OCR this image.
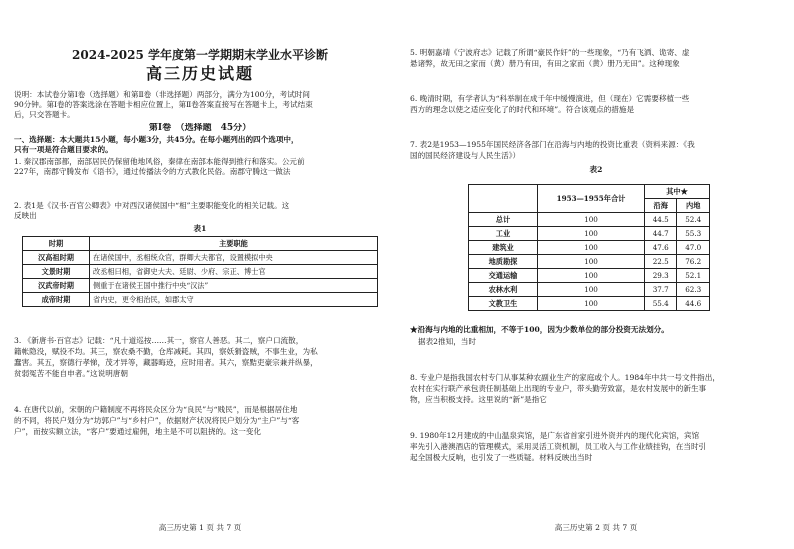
2024-2025 学年度第一学期期末学业水平诊断
高三历史试题
说明：本试卷分第Ⅰ卷（选择题）和第Ⅱ卷（非选择题）两部分，满分为100分，考试时间
90分钟。第Ⅰ卷的答案选涂在答题卡相应位置上，第Ⅱ卷答案直接写在答题卡上，考试结束
后，只交答题卡。
第Ⅰ卷　（选择题　45分）
一、选择题：本大题共15小题，每小题3分，共45分。在每小题列出的四个选项中，
只有一项是符合题目要求的。
1. 秦汉郡南部都，南部居民仍保留他地风俗，秦律在南部本能得到推行和落实。公元前
227年，南郡守腾发布《语书》，通过传播法令的方式教化民俗。南郡守腾这一做法
2. 表1是《汉书·百官公卿表》中对西汉诸侯国中“相”主要职能变化的相关记载。这
反映出
表1
时期	主要职能
汉高祖时期	在诸侯国中，丞相统众官，群卿大夫都官，设置模拟中央
文景时期	改丞相曰相，省御史大夫、廷尉、少府、宗正、博士官
汉武帝时期	侧重于在诸侯王国中推行中央“汉法”
成帝时期	省内史，更令相治民，如郡太守
3. 《新唐书·百官志》记载：“凡十道巡按……其一，察官人善恶。其二，察户口流散，
籍帐隐没，赋役不均。其三，察农桑不勤，仓库减耗。其四，察妖猾盗贼，不事生业，为私
蠢害。其五，察德行孝悌，茂才异等，藏器晦迹，应时用者。其六，察黠吏豪宗兼并纵暴，
贫弱冤苦不能自申者。”这说明唐朝
4. 在唐代以前，宋朝的户籍制度不再将民众区分为“良民”与“贱民”，而是根据居住地
的不同，将民户划分为“坊郭户”与“乡村户”，依据财产状况将民户划分为“主户”与“客
户”，而按实额立法，“客户”要通过雇佣，地主是不可以阻挠的。这一变化
高三历史第 1 页 共 7 页
5. 明朝嘉靖《宁波府志》记载了所谓“豪民作奸”的一些现象，“乃有飞洒、诡寄、虚
悬诸弊，故无田之家而（黄）册乃有田，有田之家而（黄）册乃无田”。这种现象
6. 晚清时期，有学者认为“科举制在成千年中缓慢演进，但（现在）它需要移植一些
西方的理念以使之适应变化了的时代和环境”。符合该观点的措施是
7. 表2是1953—1955年国民经济各部门在沿海与内地的投资比重表（资料来源：《我
国的国民经济建设与人民生活》）
表2
	1953—1955年合计	其中★	
		沿海	内地
总计	100	44.5	52.4
工业	100	44.7	55.3
建筑业	100	47.6	47.0
地质勘探	100	22.5	76.2
交通运输	100	29.3	52.1
农林水利	100	37.7	62.3
文教卫生	100	55.4	44.6
★沿海与内地的比重相加，不等于100，因为少数单位的部分投资无法划分。
据表2推知，当时
8. 专业户是指我国农村专门从事某种农副业生产的家庭或个人。1984年中共一号文件指出，
农村在实行联产承包责任制基础上出现的专业户，带头勤劳致富，是农村发展中的新生事
物，应当积极支持。这里说的“新”是指它
9. 1980年12月建成的中山温泉宾馆，是广东省首家引进外资并内的现代化宾馆，宾馆
率先引入港澳酒店的管理模式，采用灵活工资机制，员工收入与工作业绩挂钩，在当时引
起全国极大反响，也引发了一些质疑。材料反映出当时
高三历史第 2 页 共 7 页
